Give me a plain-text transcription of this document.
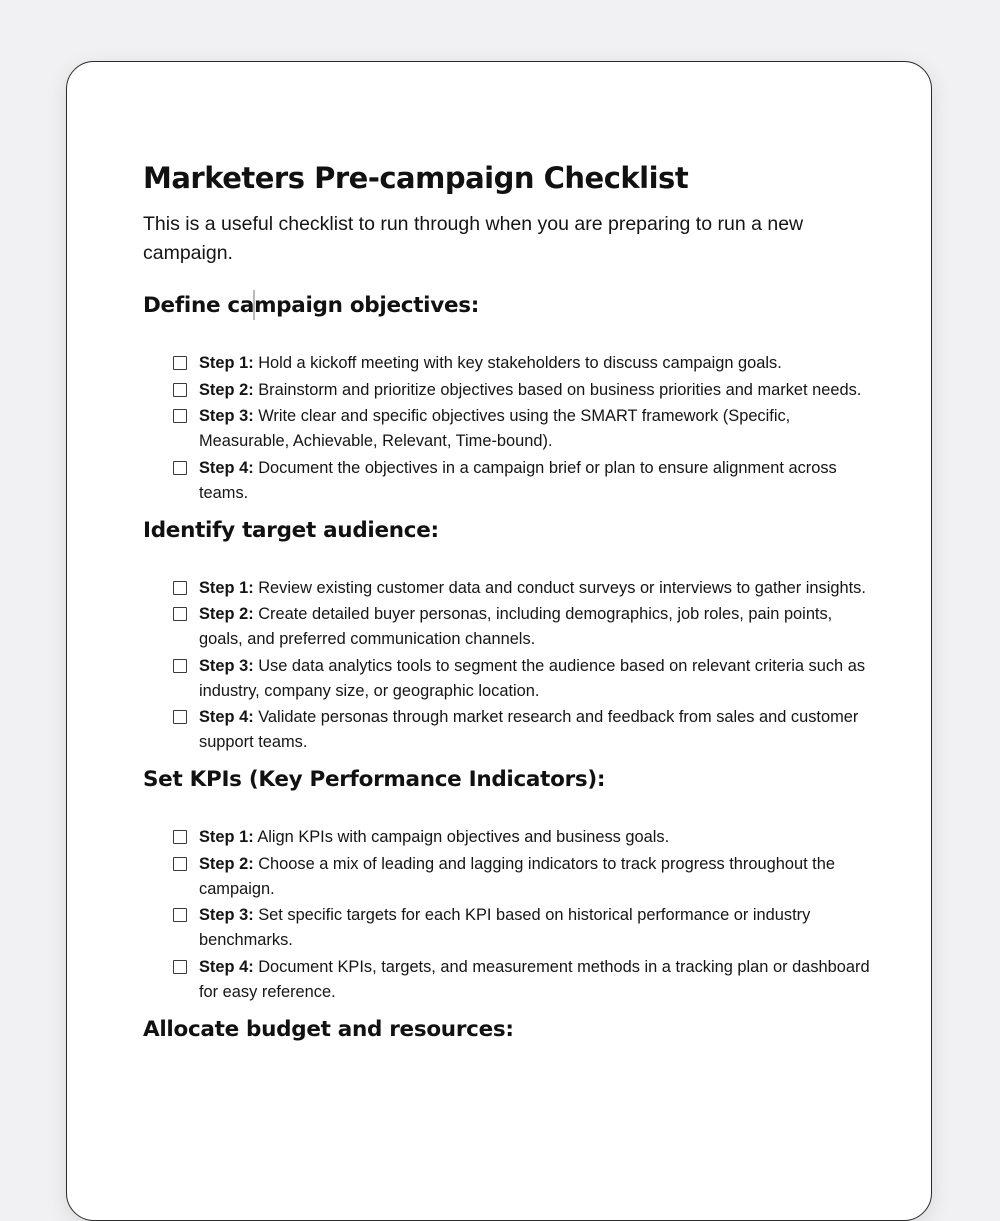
Marketers Pre-campaign Checklist

This is a useful checklist to run through when you are preparing to run a new campaign.

Define campaign objectives:
Step 1: Hold a kickoff meeting with key stakeholders to discuss campaign goals.
Step 2: Brainstorm and prioritize objectives based on business priorities and market needs.
Step 3: Write clear and specific objectives using the SMART framework (Specific, Measurable, Achievable, Relevant, Time-bound).
Step 4: Document the objectives in a campaign brief or plan to ensure alignment across teams.
Identify target audience:
Step 1: Review existing customer data and conduct surveys or interviews to gather insights.
Step 2: Create detailed buyer personas, including demographics, job roles, pain points, goals, and preferred communication channels.
Step 3: Use data analytics tools to segment the audience based on relevant criteria such as industry, company size, or geographic location.
Step 4: Validate personas through market research and feedback from sales and customer support teams.
Set KPIs (Key Performance Indicators):
Step 1: Align KPIs with campaign objectives and business goals.
Step 2: Choose a mix of leading and lagging indicators to track progress throughout the campaign.
Step 3: Set specific targets for each KPI based on historical performance or industry benchmarks.
Step 4: Document KPIs, targets, and measurement methods in a tracking plan or dashboard for easy reference.
Allocate budget and resources:
